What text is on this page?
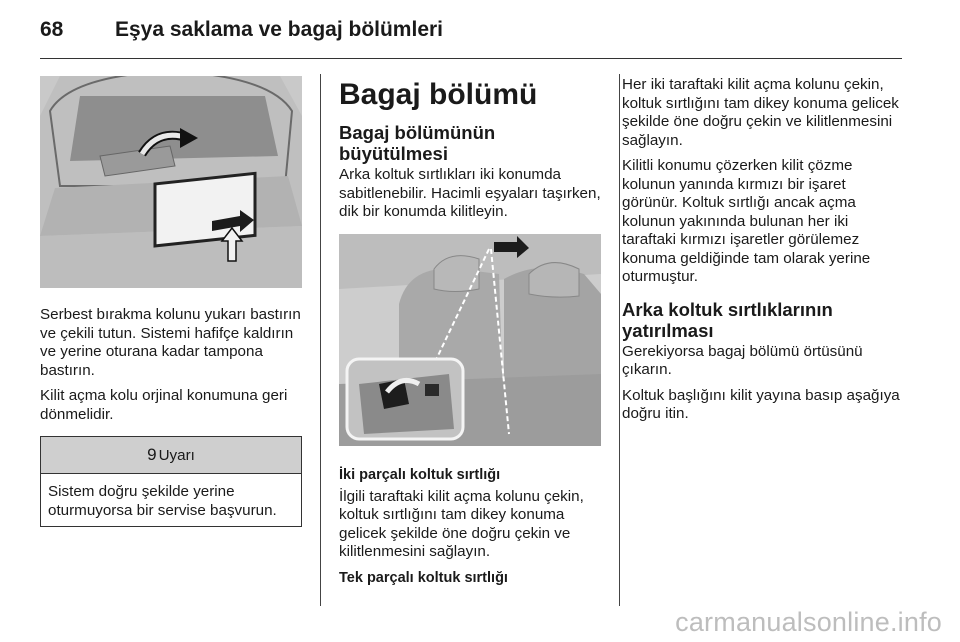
68 Eşya saklama ve bagaj bölümleri

Serbest bırakma kolunu yukarı bastırın ve çekili tutun. Sistemi hafifçe kaldırın ve yerine oturana kadar tampona bastırın.

Kilit açma kolu orjinal konumuna geri dönmelidir.

9 Uyarı

Sistem doğru şekilde yerine oturmuyorsa bir servise başvurun.

Bagaj bölümü
Bagaj bölümünün büyütülmesi

Arka koltuk sırtlıkları iki konumda sabitlenebilir. Hacimli eşyaları taşırken, dik bir konumda kilitleyin.

İki parçalı koltuk sırtlığı

İlgili taraftaki kilit açma kolunu çekin, koltuk sırtlığını tam dikey konuma gelicek şekilde öne doğru çekin ve kilitlenmesini sağlayın.

Tek parçalı koltuk sırtlığı

Her iki taraftaki kilit açma kolunu çekin, koltuk sırtlığını tam dikey konuma gelicek şekilde öne doğru çekin ve kilitlenmesini sağlayın.

Kilitli konumu çözerken kilit çözme kolunun yanında kırmızı bir işaret görünür. Koltuk sırtlığı ancak açma kolunun yakınında bulunan her iki taraftaki kırmızı işaretler görülemez konuma geldiğinde tam olarak yerine oturmuştur.

Arka koltuk sırtlıklarının yatırılması

Gerekiyorsa bagaj bölümü örtüsünü çıkarın.

Koltuk başlığını kilit yayına basıp aşağıya doğru itin.

carmanualsonline.info
